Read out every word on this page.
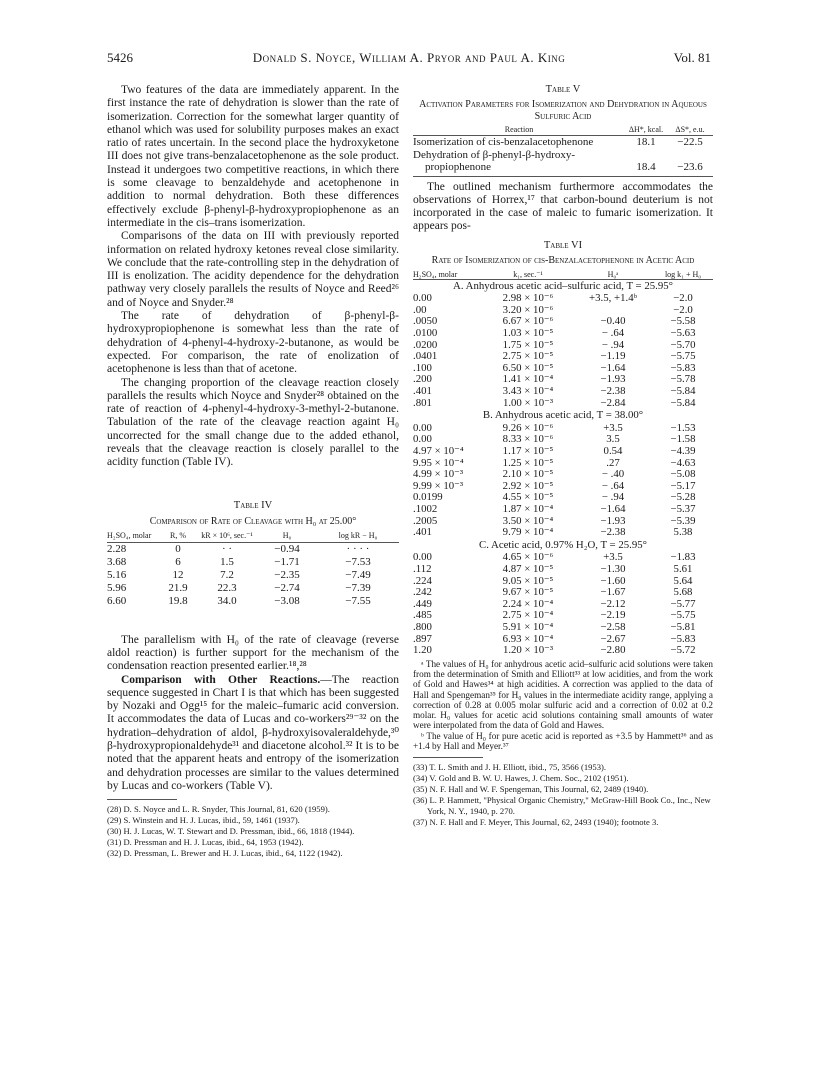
5426	Donald S. Noyce, William A. Pryor and Paul A. King	Vol. 81

Two features of the data are immediately apparent. In the first instance the rate of dehydration is slower than the rate of isomerization. Correction for the somewhat larger quantity of ethanol which was used for solubility purposes makes an exact ratio of rates uncertain. In the second place the hydroxyketone III does not give trans-benzalacetophenone as the sole product. Instead it undergoes two competitive reactions, in which there is some cleavage to benzaldehyde and acetophenone in addition to normal dehydration. Both these differences effectively exclude β-phenyl-β-hydroxypropiophenone as an intermediate in the cis–trans isomerization.

Comparisons of the data on III with previously reported information on related hydroxy ketones reveal close similarity. We conclude that the rate-controlling step in the dehydration of III is enolization. The acidity dependence for the dehydration pathway very closely parallels the results of Noyce and Reed²⁶ and of Noyce and Snyder.²⁸

The rate of dehydration of β-phenyl-β-hydroxypropiophenone is somewhat less than the rate of dehydration of 4-phenyl-4-hydroxy-2-butanone, as would be expected. For comparison, the rate of enolization of acetophenone is less than that of acetone.

The changing proportion of the cleavage reaction closely parallels the results which Noyce and Snyder²⁸ obtained on the rate of reaction of 4-phenyl-4-hydroxy-3-methyl-2-butanone. Tabulation of the rate of the cleavage reaction againt H₀ uncorrected for the small change due to the added ethanol, reveals that the cleavage reaction is closely parallel to the acidity function (Table IV).

Table IV
Comparison of Rate of Cleavage with H₀ at 25.00°
H₂SO₄, molar	R, %	kR × 10⁶, sec.⁻¹	H₀	log kR − H₀
2.28	0	· ·	−0.94	· · · ·
3.68	6	1.5	−1.71	−7.53
5.16	12	7.2	−2.35	−7.49
5.96	21.9	22.3	−2.74	−7.39
6.60	19.8	34.0	−3.08	−7.55

The parallelism with H₀ of the rate of cleavage (reverse aldol reaction) is further support for the mechanism of the condensation reaction presented earlier.¹⁸,²⁸

Comparison with Other Reactions.—The reaction sequence suggested in Chart I is that which has been suggested by Nozaki and Ogg¹⁵ for the maleic–fumaric acid conversion. It accommodates the data of Lucas and co-workers²⁹⁻³² on the hydration–dehydration of aldol, β-hydroxyisovaleraldehyde,³⁰ β-hydroxypropionaldehyde³¹ and diacetone alcohol.³² It is to be noted that the apparent heats and entropy of the isomerization and dehydration processes are similar to the values determined by Lucas and co-workers (Table V).

(28) D. S. Noyce and L. R. Snyder, This Journal, 81, 620 (1959).
(29) S. Winstein and H. J. Lucas, ibid., 59, 1461 (1937).
(30) H. J. Lucas, W. T. Stewart and D. Pressman, ibid., 66, 1818 (1944).
(31) D. Pressman and H. J. Lucas, ibid., 64, 1953 (1942).
(32) D. Pressman, L. Brewer and H. J. Lucas, ibid., 64, 1122 (1942).
Table V
Activation Parameters for Isomerization and Dehydration in Aqueous Sulfuric Acid
Reaction	ΔH*, kcal.	ΔS*, e.u.
Isomerization of cis-benzalacetophenone	18.1	−22.5
Dehydration of β-phenyl-β-hydroxy-		
propiophenone	18.4	−23.6

The outlined mechanism furthermore accommodates the observations of Horrex,¹⁷ that carbon-bound deuterium is not incorporated in the case of maleic to fumaric isomerization. It appears pos-

Table VI
Rate of Isomerization of cis-Benzalacetophenone in Acetic Acid
H₂SO₄, molar	k₁, sec.⁻¹	H₀ᵃ	log k₁ + H₀
A. Anhydrous acetic acid–sulfuric acid, T = 25.95°			
0.00	2.98 × 10⁻⁶	+3.5, +1.4ᵇ	−2.0
.00	3.20 × 10⁻⁶		−2.0
.0050	6.67 × 10⁻⁶	−0.40	−5.58
.0100	1.03 × 10⁻⁵	− .64	−5.63
.0200	1.75 × 10⁻⁵	− .94	−5.70
.0401	2.75 × 10⁻⁵	−1.19	−5.75
.100	6.50 × 10⁻⁵	−1.64	−5.83
.200	1.41 × 10⁻⁴	−1.93	−5.78
.401	3.43 × 10⁻⁴	−2.38	−5.84
.801	1.00 × 10⁻³	−2.84	−5.84
B. Anhydrous acetic acid, T = 38.00°			
0.00	9.26 × 10⁻⁶	+3.5	−1.53
0.00	8.33 × 10⁻⁶	3.5	−1.58
4.97 × 10⁻⁴	1.17 × 10⁻⁵	0.54	−4.39
9.95 × 10⁻⁴	1.25 × 10⁻⁵	.27	−4.63
4.99 × 10⁻³	2.10 × 10⁻⁵	− .40	−5.08
9.99 × 10⁻³	2.92 × 10⁻⁵	− .64	−5.17
0.0199	4.55 × 10⁻⁵	− .94	−5.28
.1002	1.87 × 10⁻⁴	−1.64	−5.37
.2005	3.50 × 10⁻⁴	−1.93	−5.39
.401	9.79 × 10⁻⁴	−2.38	5.38
C. Acetic acid, 0.97% H₂O, T = 25.95°			
0.00	4.65 × 10⁻⁶	+3.5	−1.83
.112	4.87 × 10⁻⁵	−1.30	5.61
.224	9.05 × 10⁻⁵	−1.60	5.64
.242	9.67 × 10⁻⁵	−1.67	5.68
.449	2.24 × 10⁻⁴	−2.12	−5.77
.485	2.75 × 10⁻⁴	−2.19	−5.75
.800	5.91 × 10⁻⁴	−2.58	−5.81
.897	6.93 × 10⁻⁴	−2.67	−5.83
1.20	1.20 × 10⁻³	−2.80	−5.72
ᵃ The values of H₀ for anhydrous acetic acid–sulfuric acid solutions were taken from the determination of Smith and Elliott³³ at low acidities, and from the work of Gold and Hawes³⁴ at high acidities. A correction was applied to the data of Hall and Spengeman³⁵ for H₀ values in the intermediate acidity range, applying a correction of 0.28 at 0.005 molar sulfuric acid and a correction of 0.02 at 0.2 molar. H₀ values for acetic acid solutions containing small amounts of water were interpolated from the data of Gold and Hawes.
ᵇ The value of H₀ for pure acetic acid is reported as +3.5 by Hammett³⁶ and as +1.4 by Hall and Meyer.³⁷
(33) T. L. Smith and J. H. Elliott, ibid., 75, 3566 (1953).
(34) V. Gold and B. W. U. Hawes, J. Chem. Soc., 2102 (1951).
(35) N. F. Hall and W. F. Spengeman, This Journal, 62, 2489 (1940).
(36) L. P. Hammett, "Physical Organic Chemistry," McGraw-Hill Book Co., Inc., New York, N. Y., 1940, p. 270.
(37) N. F. Hall and F. Meyer, This Journal, 62, 2493 (1940); footnote 3.
